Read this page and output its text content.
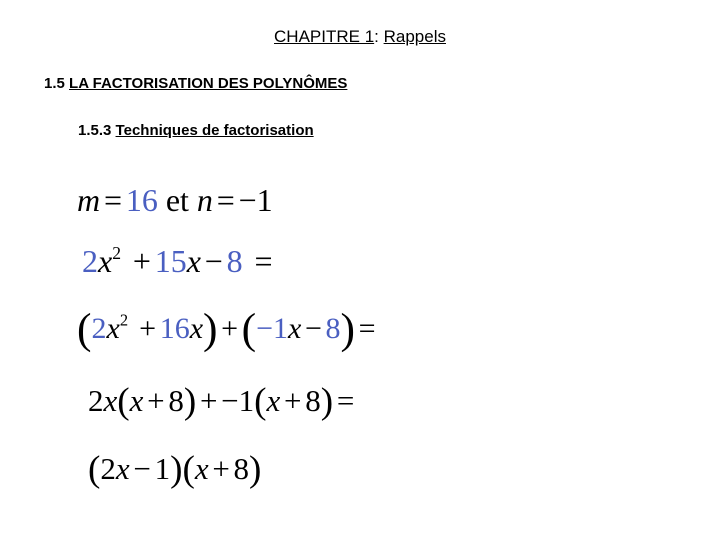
CHAPITRE 1: Rappels
1.5 LA FACTORISATION DES POLYNÔMES
1.5.3 Techniques de factorisation
m = 16 et n = −1
$2x^2 + 15x - 8$ =
$(2x^2 + 16x) +(-1x - 8)$ =
2x(x + 8) + −1(x + 8) =
(2x − 1)(x + 8)
